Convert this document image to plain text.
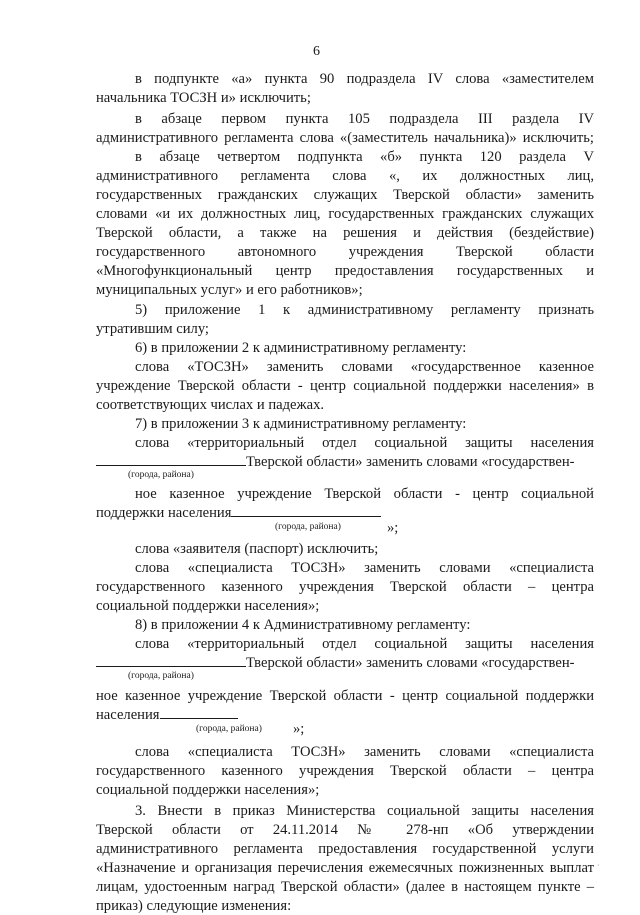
6
в подпункте «а» пункта 90 подраздела IV слова «заместителем
начальника ТОСЗН и» исключить;
в абзаце первом пункта 105 подраздела III раздела IV
административного регламента слова «(заместитель начальника)» исключить;
в абзаце четвертом подпункта «б» пункта 120 раздела V
административного регламента слова «, их должностных лиц,
государственных гражданских служащих Тверской области» заменить
словами «и их должностных лиц, государственных гражданских служащих
Тверской области, а также на решения и действия (бездействие)
государственного автономного учреждения Тверской области
«Многофункциональный центр предоставления государственных и
муниципальных услуг» и его работников»;
5) приложение 1 к административному регламенту признать
утратившим силу;
6) в приложении 2 к административному регламенту:
слова «ТОСЗН» заменить словами «государственное казенное
учреждение Тверской области - центр социальной поддержки населения» в
соответствующих числах и падежах.
7) в приложении 3 к административному регламенту:
слова «территориальный отдел социальной защиты населения
Тверской области» заменить словами «государствен-
(города, района)
ное казенное учреждение Тверской области - центр социальной
поддержки населения
(города, района)	»;
слова «заявителя (паспорт) исключить;
слова «специалиста ТОСЗН» заменить словами «специалиста
государственного казенного учреждения Тверской области – центра
социальной поддержки населения»;
8) в приложении 4 к Административному регламенту:
слова «территориальный отдел социальной защиты населения
Тверской области» заменить словами «государствен-
(города, района)
ное казенное учреждение Тверской области - центр социальной поддержки
населения
(города, района) »;
слова «специалиста ТОСЗН» заменить словами «специалиста
государственного казенного учреждения Тверской области – центра
социальной поддержки населения»;
3. Внести в приказ Министерства социальной защиты населения
Тверской области от 24.11.2014 № 278-нп «Об утверждении
административного регламента предоставления государственной услуги
«Назначение и организация перечисления ежемесячных пожизненных выплат
лицам, удостоенным наград Тверской области» (далее в настоящем пункте –
приказ) следующие изменения:
·
